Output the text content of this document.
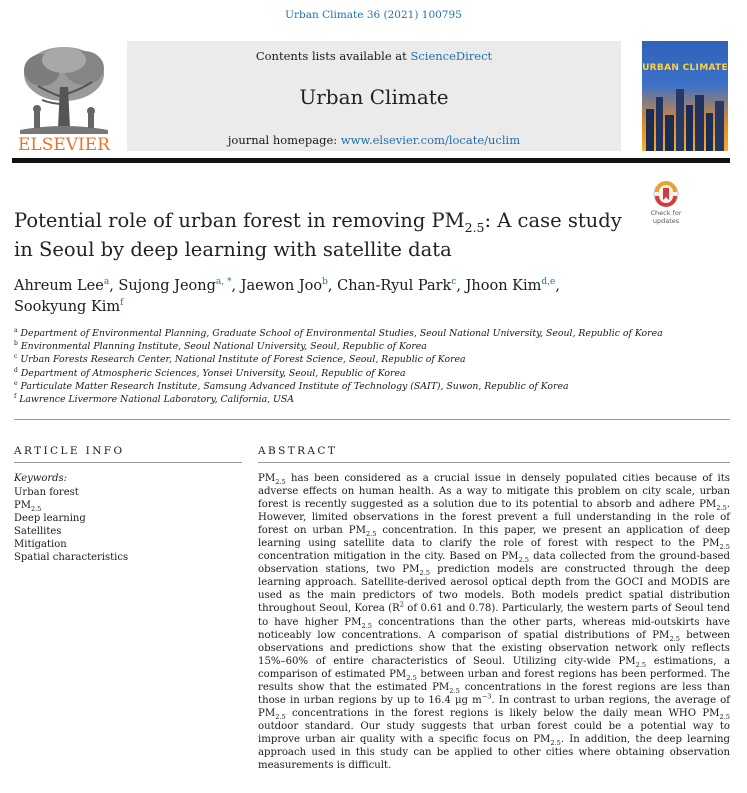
Urban Climate 36 (2021) 100795
ELSEVIER
Contents lists available at ScienceDirect
Urban Climate
journal homepage: www.elsevier.com/locate/uclim
URBAN CLIMATE
Check for
updates
Potential role of urban forest in removing $PM_{2.5}$: A case study in Seoul by deep learning with satellite data

Ahreum Lee$^a$, Sujong Jeong$^{a, *}$, Jaewon Joo$^b$, Chan-Ryul Park$^c$, Jhoon Kim$^{d,e}$, Sookyung Kim$^f$

$^a$ Department of Environmental Planning, Graduate School of Environmental Studies, Seoul National University, Seoul, Republic of Korea
$^b$ Environmental Planning Institute, Seoul National University, Seoul, Republic of Korea
$^c$ Urban Forests Research Center, National Institute of Forest Science, Seoul, Republic of Korea
$^d$ Department of Atmospheric Sciences, Yonsei University, Seoul, Republic of Korea
$^e$ Particulate Matter Research Institute, Samsung Advanced Institute of Technology (SAIT), Suwon, Republic of Korea
$^f$ Lawrence Livermore National Laboratory, California, USA
ARTICLE INFO
Keywords:
Urban forest
$PM_{2.5}$
Deep learning
Satellites
Mitigation
Spatial characteristics
ABSTRACT

$PM_{2.5}$ has been considered as a crucial issue in densely populated cities because of its adverse effects on human health. As a way to mitigate this problem on city scale, urban forest is recently suggested as a solution due to its potential to absorb and adhere $PM_{2.5}$. However, limited observations in the forest prevent a full understanding in the role of forest on urban $PM_{2.5}$ concentration. In this paper, we present an application of deep learning using satellite data to clarify the role of forest with respect to the $PM_{2.5}$ concentration mitigation in the city. Based on $PM_{2.5}$ data collected from the ground-based observation stations, two $PM_{2.5}$ prediction models are constructed through the deep learning approach. Satellite-derived aerosol optical depth from the GOCI and MODIS are used as the main predictors of two models. Both models predict spatial distribution throughout Seoul, Korea ($R^2$ of 0.61 and 0.78). Particularly, the western parts of Seoul tend to have higher $PM_{2.5}$ concentrations than the other parts, whereas mid-outskirts have noticeably low concentrations. A comparison of spatial distributions of $PM_{2.5}$ between observations and predictions show that the existing observation network only reflects 15%–60% of entire characteristics of Seoul. Utilizing city-wide $PM_{2.5}$ estimations, a comparison of estimated $PM_{2.5}$ between urban and forest regions has been performed. The results show that the estimated $PM_{2.5}$ concentrations in the forest regions are less than those in urban regions by up to 16.4 μg $m^{-3}$. In contrast to urban regions, the average of $PM_{2.5}$ concentrations in the forest regions is likely below the daily mean WHO $PM_{2.5}$ outdoor standard. Our study suggests that urban forest could be a potential way to improve urban air quality with a specific focus on $PM_{2.5}$. In addition, the deep learning approach used in this study can be applied to other cities where obtaining observation measurements is difficult.
